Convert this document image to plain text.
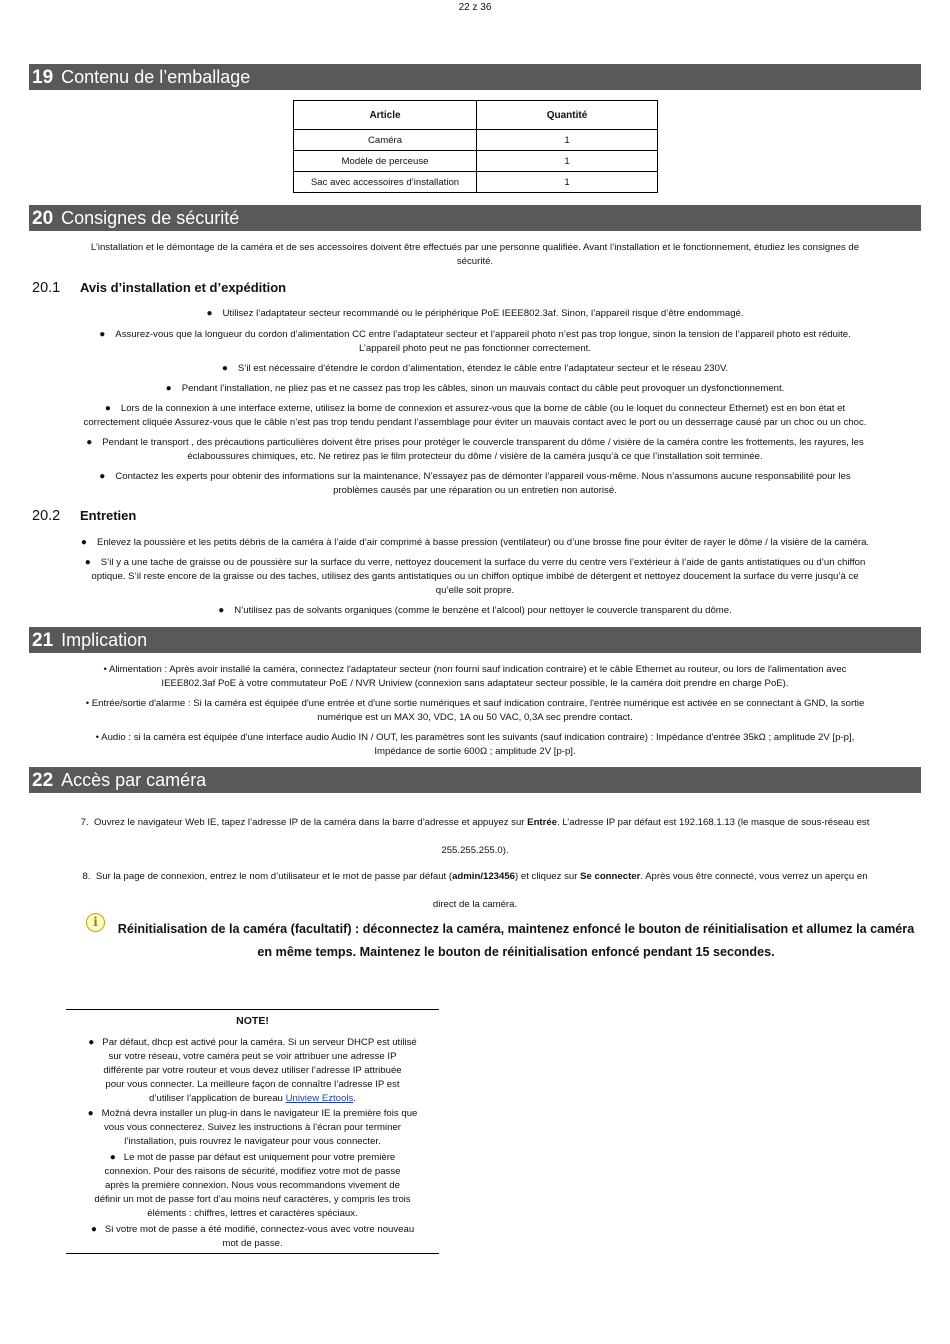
22 z 36
19 Contenu de l’emballage
Article	Quantité
Caméra	1
Modèle de perceuse	1
Sac avec accessoires d’installation	1
20 Consignes de sécurité
L’installation et le démontage de la caméra et de ses accessoires doivent être effectués par une personne qualifiée. Avant l’installation et le fonctionnement, étudiez les consignes de
sécurité.
20.1 Avis d’installation et d’expédition
● Utilisez l’adaptateur secteur recommandé ou le périphérique PoE IEEE802.3af. Sinon, l’appareil risque d’être endommagé.
● Assurez-vous que la longueur du cordon d’alimentation CC entre l’adaptateur secteur et l’appareil photo n’est pas trop longue, sinon la tension de l’appareil photo est réduite.
L’appareil photo peut ne pas fonctionner correctement.
● S’il est nécessaire d’étendre le cordon d’alimentation, étendez le câble entre l’adaptateur secteur et le réseau 230V.
● Pendant l’installation, ne pliez pas et ne cassez pas trop les câbles, sinon un mauvais contact du câble peut provoquer un dysfonctionnement.
● Lors de la connexion à une interface externe, utilisez la borne de connexion et assurez-vous que la borne de câble (ou le loquet du connecteur Ethernet) est en bon état et
correctement cliquée Assurez-vous que le câble n’est pas trop tendu pendant l’assemblage pour éviter un mauvais contact avec le port ou un desserrage causé par un choc ou un choc.
● Pendant le transport , des précautions particulières doivent être prises pour protéger le couvercle transparent du dôme / visière de la caméra contre les frottements, les rayures, les
éclaboussures chimiques, etc. Ne retirez pas le film protecteur du dôme / visière de la caméra jusqu’à ce que l’installation soit terminée.
● Contactez les experts pour obtenir des informations sur la maintenance. N’essayez pas de démonter l’appareil vous-même. Nous n’assumons aucune responsabilité pour les
problèmes causés par une réparation ou un entretien non autorisé.
20.2 Entretien
● Enlevez la poussière et les petits débris de la caméra à l’aide d’air comprimé à basse pression (ventilateur) ou d’une brosse fine pour éviter de rayer le dôme / la visière de la caméra.
● S’il y a une tache de graisse ou de poussière sur la surface du verre, nettoyez doucement la surface du verre du centre vers l’extérieur à l’aide de gants antistatiques ou d’un chiffon
optique. S’il reste encore de la graisse ou des taches, utilisez des gants antistatiques ou un chiffon optique imbibé de détergent et nettoyez doucement la surface du verre jusqu’à ce
qu’elle soit propre.
● N’utilisez pas de solvants organiques (comme le benzène et l’alcool) pour nettoyer le couvercle transparent du dôme.
21 Implication
• Alimentation : Après avoir installé la caméra, connectez l'adaptateur secteur (non fourni sauf indication contraire) et le câble Ethernet au routeur, ou lors de l'alimentation avec
IEEE802.3af PoE à votre commutateur PoE / NVR Uniview (connexion sans adaptateur secteur possible, le la caméra doit prendre en charge PoE).
• Entrée/sortie d'alarme : Si la caméra est équipée d'une entrée et d'une sortie numériques et sauf indication contraire, l'entrée numérique est activée en se connectant à GND, la sortie
numérique est un MAX 30, VDC, 1A ou 50 VAC, 0,3A sec prendre contact.
• Audio : si la caméra est équipée d'une interface audio Audio IN / OUT, les paramètres sont les suivants (sauf indication contraire) : Impédance d'entrée 35kΩ ; amplitude 2V [p-p],
Impédance de sortie 600Ω ; amplitude 2V [p-p].
22 Accès par caméra
7. Ouvrez le navigateur Web IE, tapez l’adresse IP de la caméra dans la barre d’adresse et appuyez sur Entrée. L’adresse IP par défaut est 192.168.1.13 (le masque de sous-réseau est
255.255.255.0).
8. Sur la page de connexion, entrez le nom d’utilisateur et le mot de passe par défaut (admin/123456) et cliquez sur Se connecter. Après vous être connecté, vous verrez un aperçu en
direct de la caméra.
i	Réinitialisation de la caméra (facultatif) : déconnectez la caméra, maintenez enfoncé le bouton de réinitialisation et allumez la caméra
en même temps. Maintenez le bouton de réinitialisation enfoncé pendant 15 secondes.
NOTE!
● Par défaut, dhcp est activé pour la caméra. Si un serveur DHCP est utilisé
sur votre réseau, votre caméra peut se voir attribuer une adresse IP
différente par votre routeur et vous devez utiliser l’adresse IP attribuée
pour vous connecter. La meilleure façon de connaître l’adresse IP est
d’utiliser l’application de bureau Uniview Eztools.
● Možná devra installer un plug-in dans le navigateur IE la première fois que
vous vous connecterez. Suivez les instructions à l’écran pour terminer
l’installation, puis rouvrez le navigateur pour vous connecter.
● Le mot de passe par défaut est uniquement pour votre première
connexion. Pour des raisons de sécurité, modifiez votre mot de passe
après la première connexion. Nous vous recommandons vivement de
définir un mot de passe fort d’au moins neuf caractères, y compris les trois
éléments : chiffres, lettres et caractères spéciaux.
● Si votre mot de passe a été modifié, connectez-vous avec votre nouveau
mot de passe.
